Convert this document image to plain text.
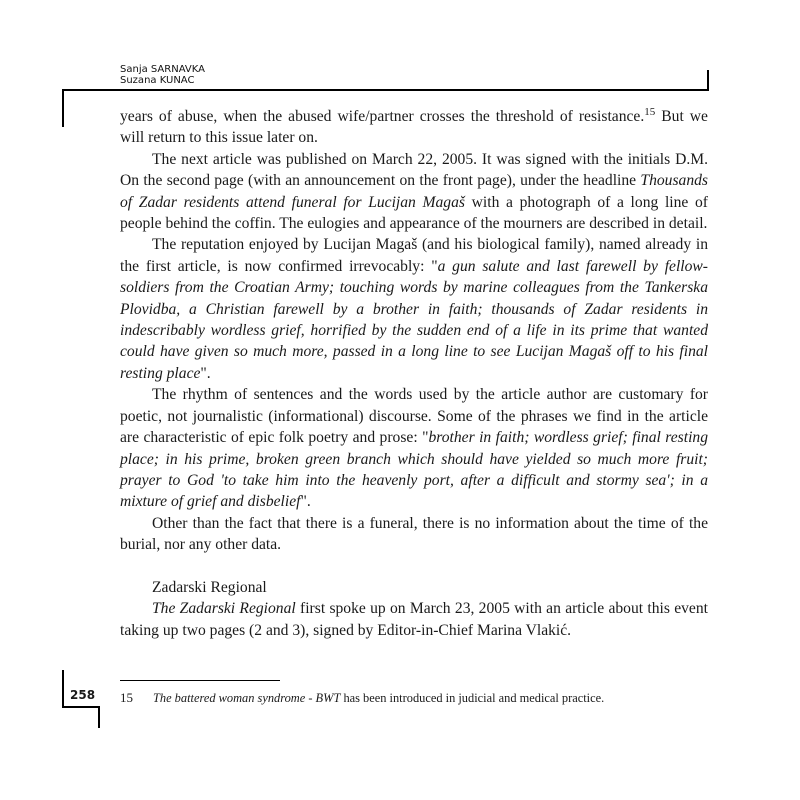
Sanja SARNAVKA
Suzana KUNAC

years of abuse, when the abused wife/partner crosses the threshold of resistance.$^{15}$ But we will return to this issue later on.

The next article was published on March 22, 2005. It was signed with the initials D.M. On the second page (with an announcement on the front page), under the headline Thousands of Zadar residents attend funeral for Lucijan Magaš with a photograph of a long line of people behind the coffin. The eulogies and appearance of the mourners are described in detail.

The reputation enjoyed by Lucijan Magaš (and his biological family), named already in the first article, is now confirmed irrevocably: "a gun salute and last farewell by fellow-soldiers from the Croatian Army; touching words by marine colleagues from the Tankerska Plovidba, a Christian farewell by a brother in faith; thousands of Zadar residents in indescribably wordless grief, horrified by the sudden end of a life in its prime that wanted could have given so much more, passed in a long line to see Lucijan Magaš off to his final resting place".

The rhythm of sentences and the words used by the article author are customary for poetic, not journalistic (informational) discourse. Some of the phrases we find in the article are characteristic of epic folk poetry and prose: "brother in faith; wordless grief; final resting place; in his prime, broken green branch which should have yielded so much more fruit; prayer to God 'to take him into the heavenly port, after a difficult and stormy sea'; in a mixture of grief and disbelief".

Other than the fact that there is a funeral, there is no information about the time of the burial, nor any other data.

Zadarski Regional

The Zadarski Regional first spoke up on March 23, 2005 with an article about this event taking up two pages (2 and 3), signed by Editor-in-Chief Marina Vlakić.

258 15 The battered woman syndrome - BWT has been introduced in judicial and medical practice.
